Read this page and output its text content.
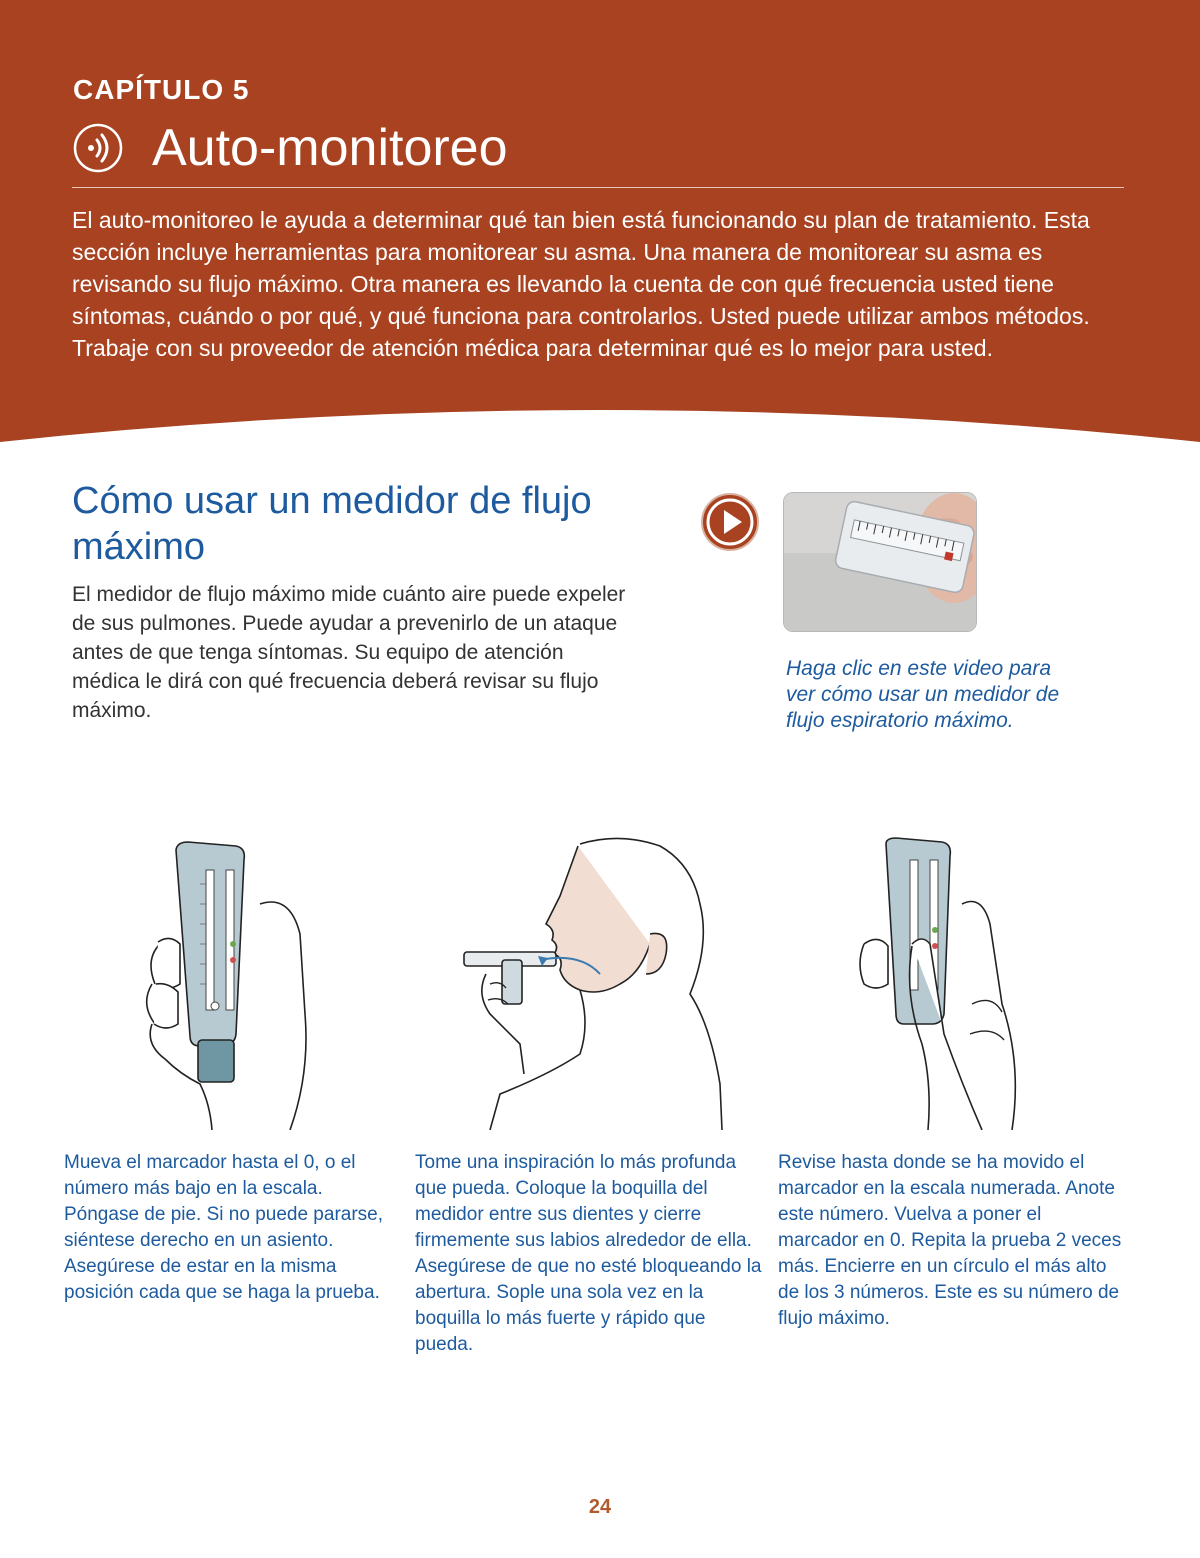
CAPÍTULO 5
Auto-monitoreo

El auto-monitoreo le ayuda a determinar qué tan bien está funcionando su plan de tratamiento. Esta sección incluye herramientas para monitorear su asma. Una manera de monitorear su asma es revisando su flujo máximo. Otra manera es llevando la cuenta de con qué frecuencia usted tiene síntomas, cuándo o por qué, y qué funciona para controlarlos. Usted puede utilizar ambos métodos. Trabaje con su proveedor de atención médica para determinar qué es lo mejor para usted.

Cómo usar un medidor de flujo máximo

El medidor de flujo máximo mide cuánto aire puede expeler de sus pulmones. Puede ayudar a prevenirlo de un ataque antes de que tenga síntomas. Su equipo de atención médica le dirá con qué frecuencia deberá revisar su flujo máximo.

Haga clic en este video para ver cómo usar un medidor de flujo espiratorio máximo.

Mueva el marcador hasta el 0, o el número más bajo en la escala. Póngase de pie. Si no puede pararse, siéntese derecho en un asiento. Asegúrese de estar en la misma posición cada que se haga la prueba.

Tome una inspiración lo más profunda que pueda. Coloque la boquilla del medidor entre sus dientes y cierre firmemente sus labios alrededor de ella. Asegúrese de que no esté bloqueando la abertura. Sople una sola vez en la boquilla lo más fuerte y rápido que pueda.

Revise hasta donde se ha movido el marcador en la escala numerada. Anote este número. Vuelva a poner el marcador en 0. Repita la prueba 2 veces más. Encierre en un círculo el más alto de los 3 números. Este es su número de flujo máximo.

24
